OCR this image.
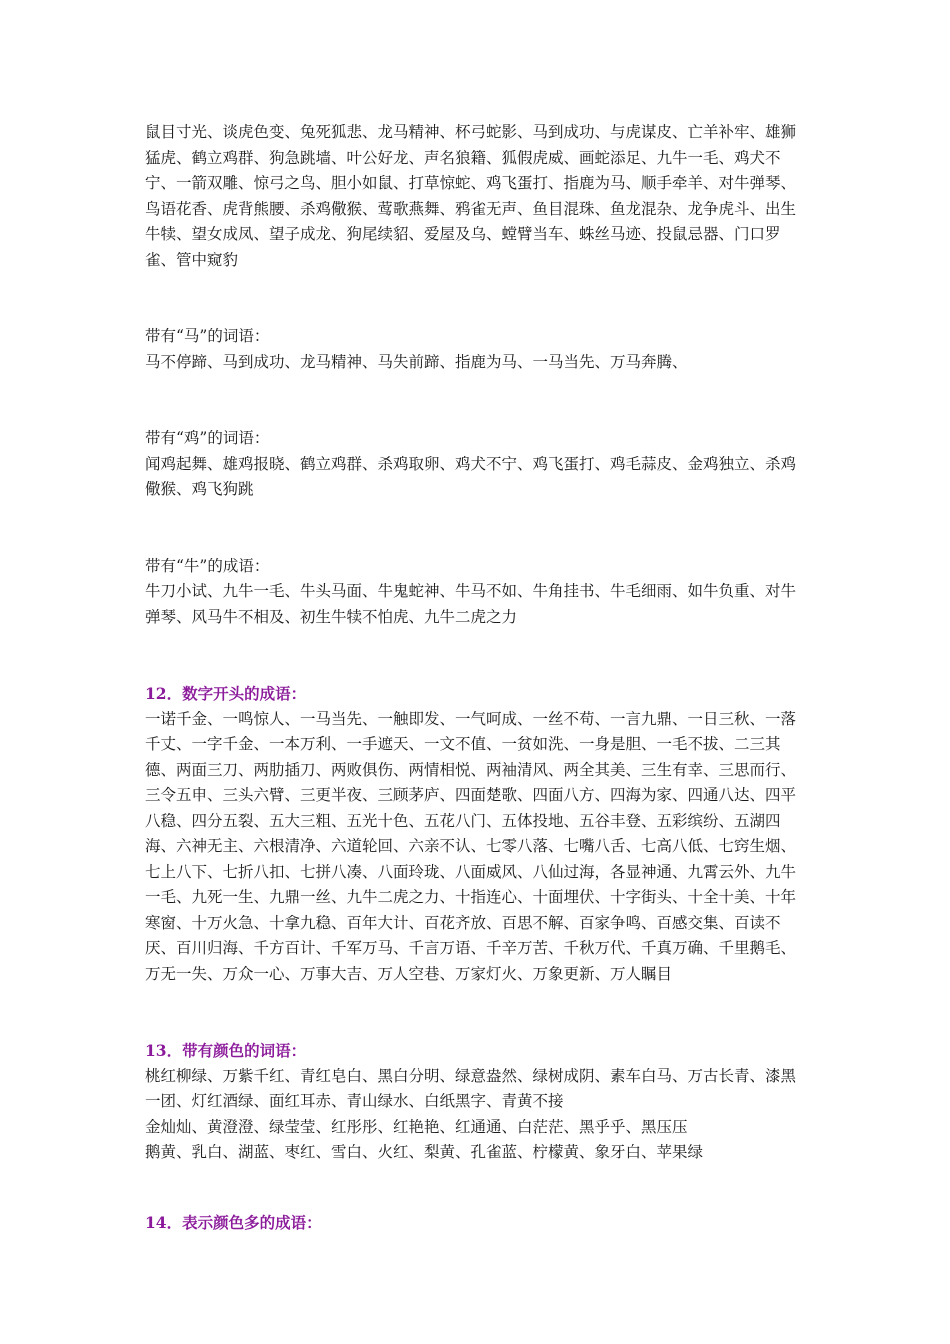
鼠目寸光、谈虎色变、兔死狐悲、龙马精神、杯弓蛇影、马到成功、与虎谋皮、亡羊补牢、雄狮猛虎、鹤立鸡群、狗急跳墙、叶公好龙、声名狼籍、狐假虎威、画蛇添足、九牛一毛、鸡犬不宁、一箭双雕、惊弓之鸟、胆小如鼠、打草惊蛇、鸡飞蛋打、指鹿为马、顺手牵羊、对牛弹琴、鸟语花香、虎背熊腰、杀鸡儆猴、莺歌燕舞、鸦雀无声、鱼目混珠、鱼龙混杂、龙争虎斗、出生牛犊、望女成凤、望子成龙、狗尾续貂、爱屋及乌、螳臂当车、蛛丝马迹、投鼠忌器、门口罗雀、管中窥豹

带有“马”的词语：

马不停蹄、马到成功、龙马精神、马失前蹄、指鹿为马、一马当先、万马奔腾、

带有“鸡”的词语：

闻鸡起舞、雄鸡报晓、鹤立鸡群、杀鸡取卵、鸡犬不宁、鸡飞蛋打、鸡毛蒜皮、金鸡独立、杀鸡儆猴、鸡飞狗跳

带有“牛”的成语：

牛刀小试、九牛一毛、牛头马面、牛鬼蛇神、牛马不如、牛角挂书、牛毛细雨、如牛负重、对牛弹琴、风马牛不相及、初生牛犊不怕虎、九牛二虎之力

12．数字开头的成语：

一诺千金、一鸣惊人、一马当先、一触即发、一气呵成、一丝不苟、一言九鼎、一日三秋、一落千丈、一字千金、一本万利、一手遮天、一文不值、一贫如洗、一身是胆、一毛不拔、二三其德、两面三刀、两肋插刀、两败俱伤、两情相悦、两袖清风、两全其美、三生有幸、三思而行、三令五申、三头六臂、三更半夜、三顾茅庐、四面楚歌、四面八方、四海为家、四通八达、四平八稳、四分五裂、五大三粗、五光十色、五花八门、五体投地、五谷丰登、五彩缤纷、五湖四海、六神无主、六根清净、六道轮回、六亲不认、七零八落、七嘴八舌、七高八低、七窍生烟、七上八下、七折八扣、七拼八凑、八面玲珑、八面威风、八仙过海，各显神通、九霄云外、九牛一毛、九死一生、九鼎一丝、九牛二虎之力、十指连心、十面埋伏、十字街头、十全十美、十年寒窗、十万火急、十拿九稳、百年大计、百花齐放、百思不解、百家争鸣、百感交集、百读不厌、百川归海、千方百计、千军万马、千言万语、千辛万苦、千秋万代、千真万确、千里鹅毛、万无一失、万众一心、万事大吉、万人空巷、万家灯火、万象更新、万人瞩目

13．带有颜色的词语：

桃红柳绿、万紫千红、青红皂白、黑白分明、绿意盎然、绿树成阴、素车白马、万古长青、漆黑一团、灯红酒绿、面红耳赤、青山绿水、白纸黑字、青黄不接

金灿灿、黄澄澄、绿莹莹、红彤彤、红艳艳、红通通、白茫茫、黑乎乎、黑压压

鹅黄、乳白、湖蓝、枣红、雪白、火红、梨黄、孔雀蓝、柠檬黄、象牙白、苹果绿

14．表示颜色多的成语：
